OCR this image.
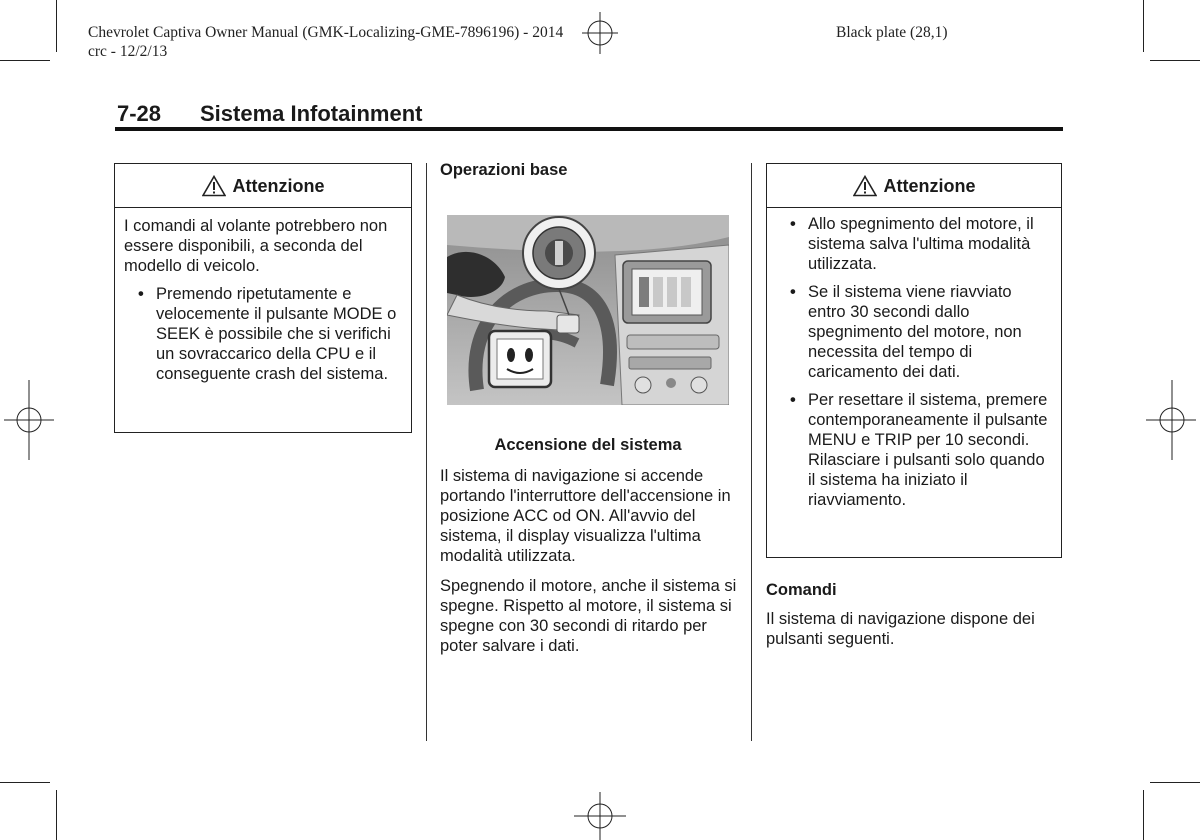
Chevrolet Captiva Owner Manual (GMK-Localizing-GME-7896196) - 2014
crc - 12/2/13
Black plate (28,1)
7-28 Sistema Infotainment
Attenzione

I comandi al volante potrebbero non essere disponibili, a seconda del modello di veicolo.

• Premendo ripetutamente e velocemente il pulsante MODE o SEEK è possibile che si verifichi un sovraccarico della CPU e il conseguente crash del sistema.
Operazioni base
Accensione del sistema

Il sistema di navigazione si accende portando l'interruttore dell'accensione in posizione ACC od ON. All'avvio del sistema, il display visualizza l'ultima modalità utilizzata.

Spegnendo il motore, anche il sistema si spegne. Rispetto al motore, il sistema si spegne con 30 secondi di ritardo per poter salvare i dati.

Attenzione
• Allo spegnimento del motore, il sistema salva l'ultima modalità utilizzata.
• Se il sistema viene riavviato entro 30 secondi dallo spegnimento del motore, non necessita del tempo di caricamento dei dati.
• Per resettare il sistema, premere contemporaneamente il pulsante MENU e TRIP per 10 secondi. Rilasciare i pulsanti solo quando il sistema ha iniziato il riavviamento.
Comandi

Il sistema di navigazione dispone dei pulsanti seguenti.
